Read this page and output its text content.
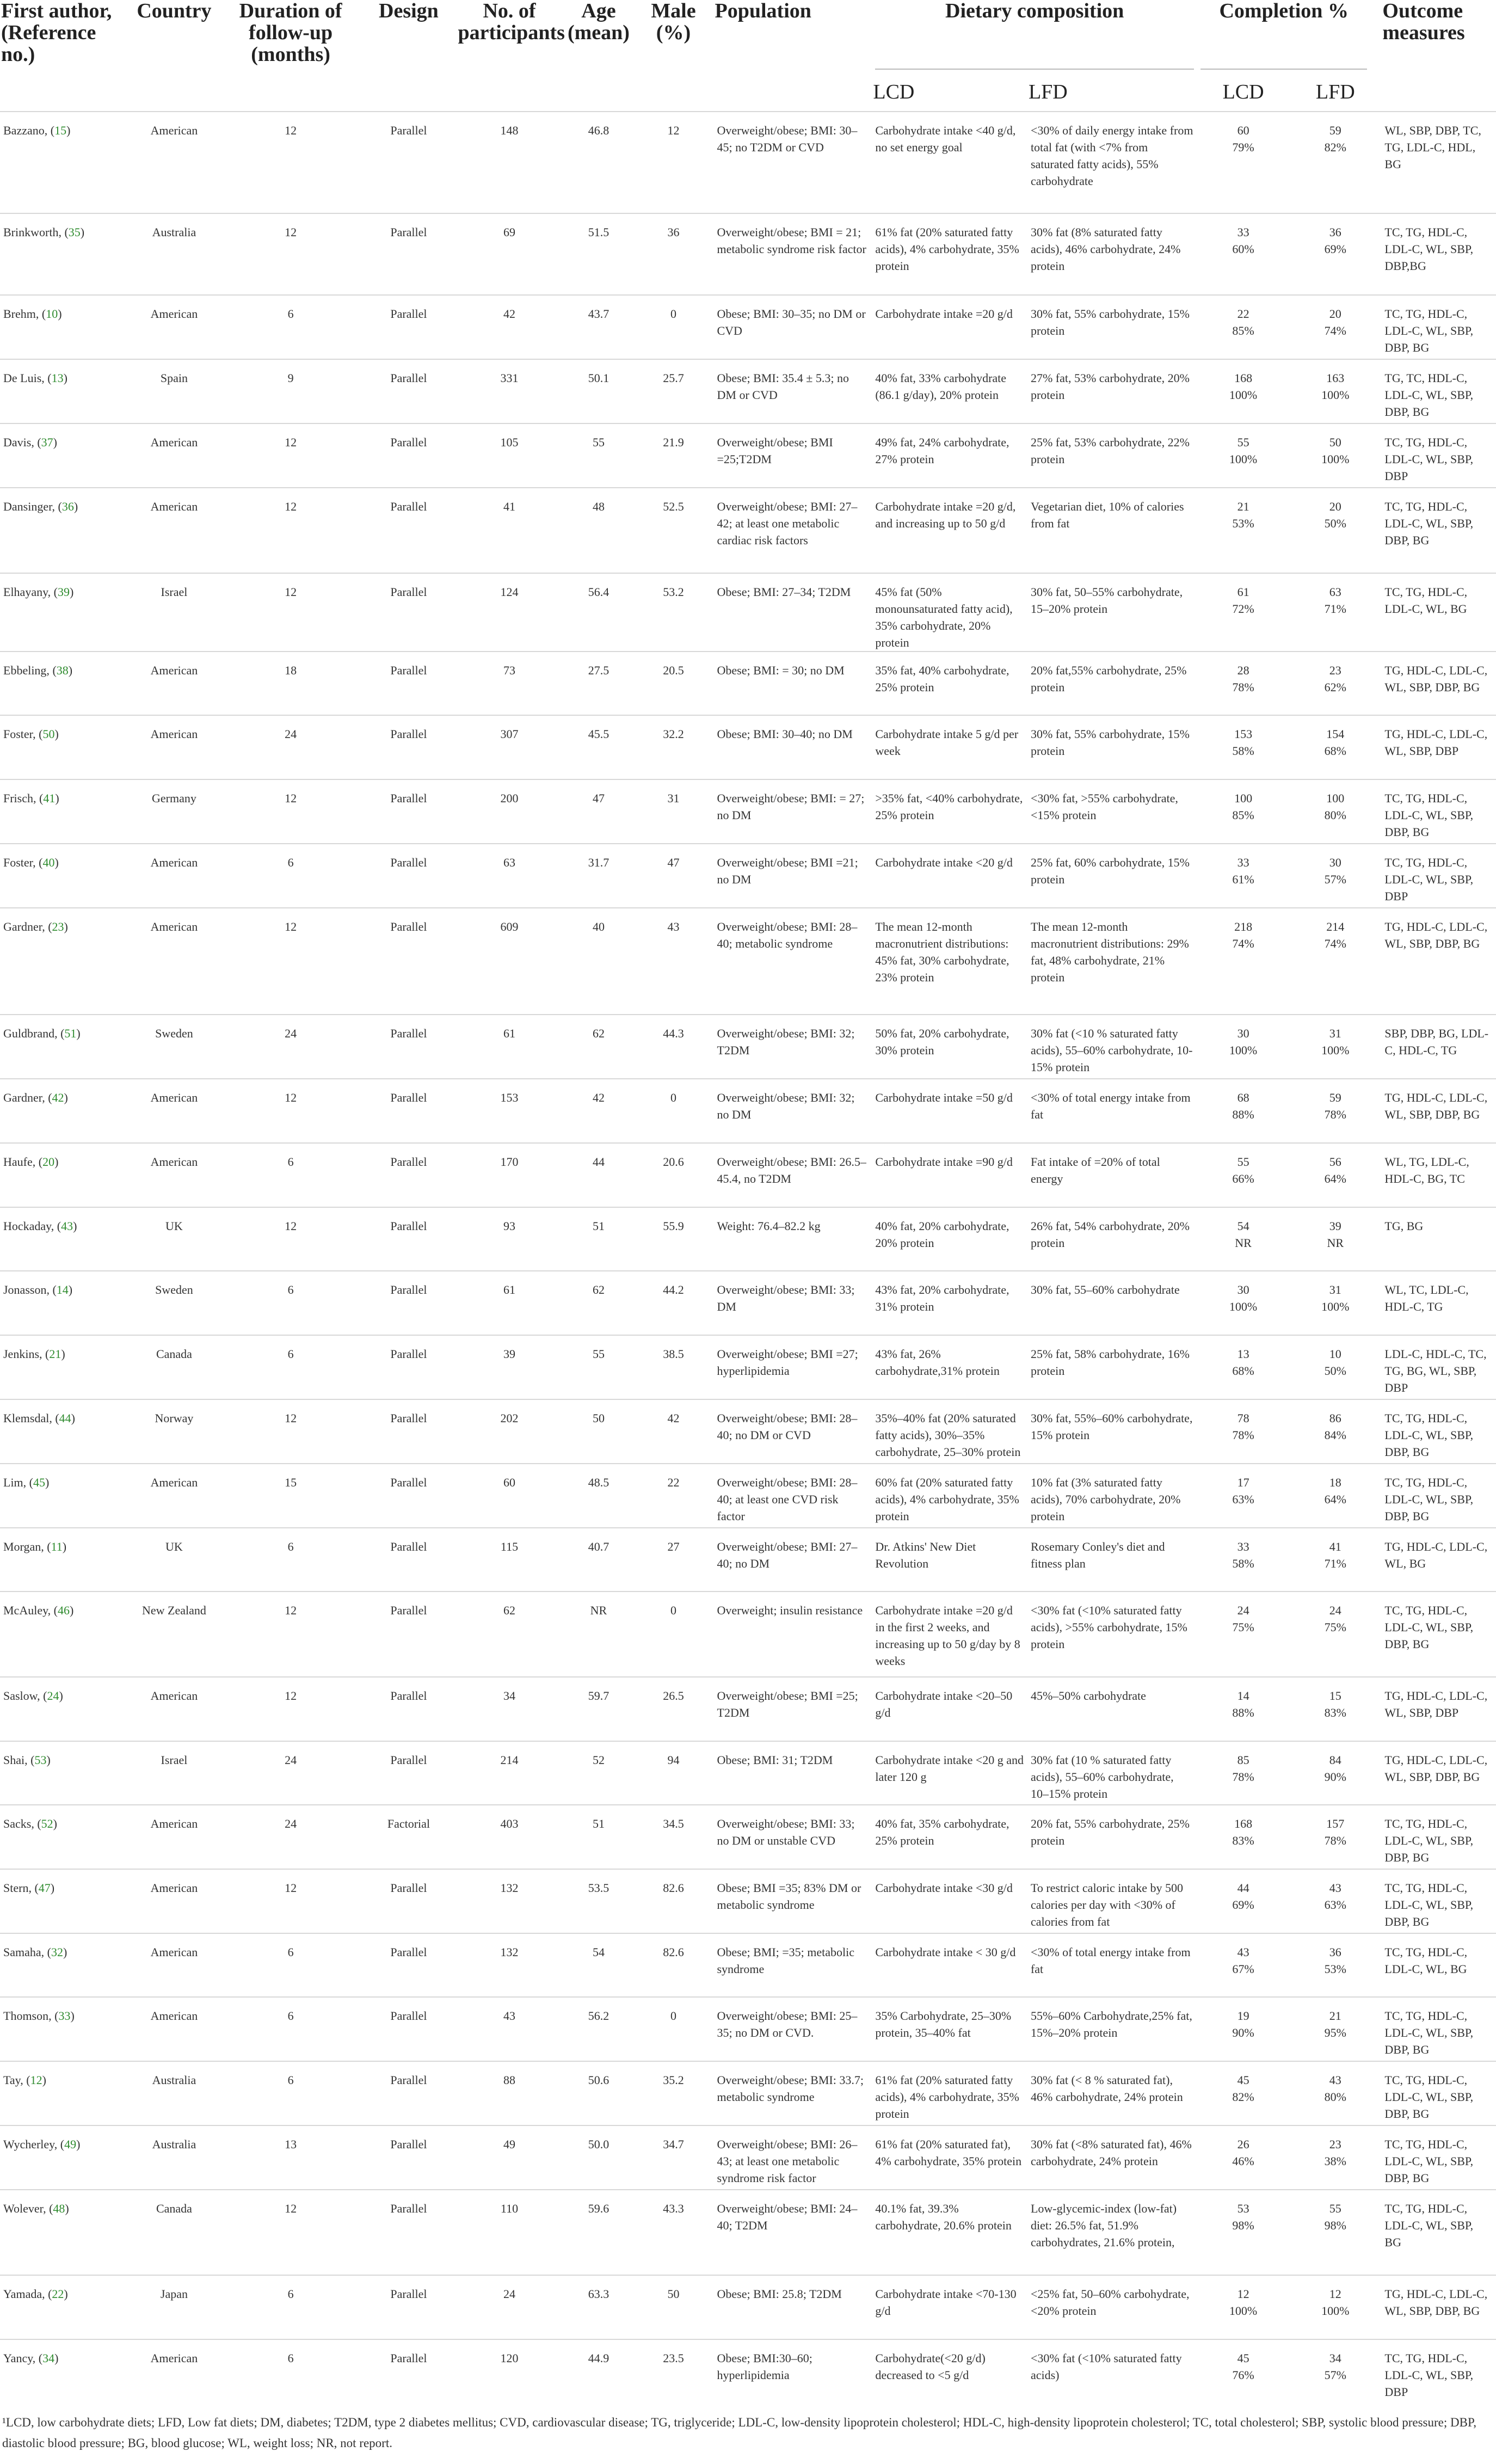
First author, (Reference no.)	Country	Duration of follow-up (months)	Design	No. of participants	Age (mean)	Male (%)	Population	Dietary composition		Completion %		Outcome measures
								LCD	LFD	LCD	LFD	
Bazzano, (15)	American	12	Parallel	148	46.8	12	Overweight/obese; BMI: 30–45; no T2DM or CVD	Carbohydrate intake <40 g/d, no set energy goal	<30% of daily energy intake from total fat (with <7% from saturated fatty acids), 55% carbohydrate	60 79%	59 82%	WL, SBP, DBP, TC, TG, LDL-C, HDL, BG
Brinkworth, (35)	Australia	12	Parallel	69	51.5	36	Overweight/obese; BMI = 21; metabolic syndrome risk factor	61% fat (20% saturated fatty acids), 4% carbohydrate, 35% protein	30% fat (8% saturated fatty acids), 46% carbohydrate, 24% protein	33 60%	36 69%	TC, TG, HDL-C, LDL-C, WL, SBP, DBP,BG
Brehm, (10)	American	6	Parallel	42	43.7	0	Obese; BMI: 30–35; no DM or CVD	Carbohydrate intake =20 g/d	30% fat, 55% carbohydrate, 15% protein	22 85%	20 74%	TC, TG, HDL-C, LDL-C, WL, SBP, DBP, BG
De Luis, (13)	Spain	9	Parallel	331	50.1	25.7	Obese; BMI: 35.4 ± 5.3; no DM or CVD	40% fat, 33% carbohydrate (86.1 g/day), 20% protein	27% fat, 53% carbohydrate, 20% protein	168 100%	163 100%	TG, TC, HDL-C, LDL-C, WL, SBP, DBP, BG
Davis, (37)	American	12	Parallel	105	55	21.9	Overweight/obese; BMI =25;T2DM	49% fat, 24% carbohydrate, 27% protein	25% fat, 53% carbohydrate, 22% protein	55 100%	50 100%	TC, TG, HDL-C, LDL-C, WL, SBP, DBP
Dansinger, (36)	American	12	Parallel	41	48	52.5	Overweight/obese; BMI: 27–42; at least one metabolic cardiac risk factors	Carbohydrate intake =20 g/d, and increasing up to 50 g/d	Vegetarian diet, 10% of calories from fat	21 53%	20 50%	TC, TG, HDL-C, LDL-C, WL, SBP, DBP, BG
Elhayany, (39)	Israel	12	Parallel	124	56.4	53.2	Obese; BMI: 27–34; T2DM	45% fat (50% monounsaturated fatty acid), 35% carbohydrate, 20% protein	30% fat, 50–55% carbohydrate, 15–20% protein	61 72%	63 71%	TC, TG, HDL-C, LDL-C, WL, BG
Ebbeling, (38)	American	18	Parallel	73	27.5	20.5	Obese; BMI: = 30; no DM	35% fat, 40% carbohydrate, 25% protein	20% fat,55% carbohydrate, 25% protein	28 78%	23 62%	TG, HDL-C, LDL-C, WL, SBP, DBP, BG
Foster, (50)	American	24	Parallel	307	45.5	32.2	Obese; BMI: 30–40; no DM	Carbohydrate intake 5 g/d per week	30% fat, 55% carbohydrate, 15% protein	153 58%	154 68%	TG, HDL-C, LDL-C, WL, SBP, DBP
Frisch, (41)	Germany	12	Parallel	200	47	31	Overweight/obese; BMI: = 27; no DM	>35% fat, <40% carbohydrate, 25% protein	<30% fat, >55% carbohydrate, <15% protein	100 85%	100 80%	TC, TG, HDL-C, LDL-C, WL, SBP, DBP, BG
Foster, (40)	American	6	Parallel	63	31.7	47	Overweight/obese; BMI =21; no DM	Carbohydrate intake <20 g/d	25% fat, 60% carbohydrate, 15% protein	33 61%	30 57%	TC, TG, HDL-C, LDL-C, WL, SBP, DBP
Gardner, (23)	American	12	Parallel	609	40	43	Overweight/obese; BMI: 28–40; metabolic syndrome	The mean 12-month macronutrient distributions: 45% fat, 30% carbohydrate, 23% protein	The mean 12-month macronutrient distributions: 29% fat, 48% carbohydrate, 21% protein	218 74%	214 74%	TG, HDL-C, LDL-C, WL, SBP, DBP, BG
Guldbrand, (51)	Sweden	24	Parallel	61	62	44.3	Overweight/obese; BMI: 32; T2DM	50% fat, 20% carbohydrate, 30% protein	30% fat (<10 % saturated fatty acids), 55–60% carbohydrate, 10-15% protein	30 100%	31 100%	SBP, DBP, BG, LDL-C, HDL-C, TG
Gardner, (42)	American	12	Parallel	153	42	0	Overweight/obese; BMI: 32; no DM	Carbohydrate intake =50 g/d	<30% of total energy intake from fat	68 88%	59 78%	TG, HDL-C, LDL-C, WL, SBP, DBP, BG
Haufe, (20)	American	6	Parallel	170	44	20.6	Overweight/obese; BMI: 26.5–45.4, no T2DM	Carbohydrate intake =90 g/d	Fat intake of =20% of total energy	55 66%	56 64%	WL, TG, LDL-C, HDL-C, BG, TC
Hockaday, (43)	UK	12	Parallel	93	51	55.9	Weight: 76.4–82.2 kg	40% fat, 20% carbohydrate, 20% protein	26% fat, 54% carbohydrate, 20% protein	54 NR	39 NR	TG, BG
Jonasson, (14)	Sweden	6	Parallel	61	62	44.2	Overweight/obese; BMI: 33; DM	43% fat, 20% carbohydrate, 31% protein	30% fat, 55–60% carbohydrate	30 100%	31 100%	WL, TC, LDL-C, HDL-C, TG
Jenkins, (21)	Canada	6	Parallel	39	55	38.5	Overweight/obese; BMI =27; hyperlipidemia	43% fat, 26% carbohydrate,31% protein	25% fat, 58% carbohydrate, 16% protein	13 68%	10 50%	LDL-C, HDL-C, TC, TG, BG, WL, SBP, DBP
Klemsdal, (44)	Norway	12	Parallel	202	50	42	Overweight/obese; BMI: 28–40; no DM or CVD	35%–40% fat (20% saturated fatty acids), 30%–35% carbohydrate, 25–30% protein	30% fat, 55%–60% carbohydrate, 15% protein	78 78%	86 84%	TC, TG, HDL-C, LDL-C, WL, SBP, DBP, BG
Lim, (45)	American	15	Parallel	60	48.5	22	Overweight/obese; BMI: 28–40; at least one CVD risk factor	60% fat (20% saturated fatty acids), 4% carbohydrate, 35% protein	10% fat (3% saturated fatty acids), 70% carbohydrate, 20% protein	17 63%	18 64%	TC, TG, HDL-C, LDL-C, WL, SBP, DBP, BG
Morgan, (11)	UK	6	Parallel	115	40.7	27	Overweight/obese; BMI: 27–40; no DM	Dr. Atkins' New Diet Revolution	Rosemary Conley's diet and fitness plan	33 58%	41 71%	TG, HDL-C, LDL-C, WL, BG
McAuley, (46)	New Zealand	12	Parallel	62	NR	0	Overweight; insulin resistance	Carbohydrate intake =20 g/d in the first 2 weeks, and increasing up to 50 g/day by 8 weeks	<30% fat (<10% saturated fatty acids), >55% carbohydrate, 15% protein	24 75%	24 75%	TC, TG, HDL-C, LDL-C, WL, SBP, DBP, BG
Saslow, (24)	American	12	Parallel	34	59.7	26.5	Overweight/obese; BMI =25; T2DM	Carbohydrate intake <20–50 g/d	45%–50% carbohydrate	14 88%	15 83%	TG, HDL-C, LDL-C, WL, SBP, DBP
Shai, (53)	Israel	24	Parallel	214	52	94	Obese; BMI: 31; T2DM	Carbohydrate intake <20 g and later 120 g	30% fat (10 % saturated fatty acids), 55–60% carbohydrate, 10–15% protein	85 78%	84 90%	TG, HDL-C, LDL-C, WL, SBP, DBP, BG
Sacks, (52)	American	24	Factorial	403	51	34.5	Overweight/obese; BMI: 33; no DM or unstable CVD	40% fat, 35% carbohydrate, 25% protein	20% fat, 55% carbohydrate, 25% protein	168 83%	157 78%	TC, TG, HDL-C, LDL-C, WL, SBP, DBP, BG
Stern, (47)	American	12	Parallel	132	53.5	82.6	Obese; BMI =35; 83% DM or metabolic syndrome	Carbohydrate intake <30 g/d	To restrict caloric intake by 500 calories per day with <30% of calories from fat	44 69%	43 63%	TC, TG, HDL-C, LDL-C, WL, SBP, DBP, BG
Samaha, (32)	American	6	Parallel	132	54	82.6	Obese; BMI; =35; metabolic syndrome	Carbohydrate intake < 30 g/d	<30% of total energy intake from fat	43 67%	36 53%	TC, TG, HDL-C, LDL-C, WL, BG
Thomson, (33)	American	6	Parallel	43	56.2	0	Overweight/obese; BMI: 25–35; no DM or CVD.	35% Carbohydrate, 25–30% protein, 35–40% fat	55%–60% Carbohydrate,25% fat, 15%–20% protein	19 90%	21 95%	TC, TG, HDL-C, LDL-C, WL, SBP, DBP, BG
Tay, (12)	Australia	6	Parallel	88	50.6	35.2	Overweight/obese; BMI: 33.7; metabolic syndrome	61% fat (20% saturated fatty acids), 4% carbohydrate, 35% protein	30% fat (< 8 % saturated fat), 46% carbohydrate, 24% protein	45 82%	43 80%	TC, TG, HDL-C, LDL-C, WL, SBP, DBP, BG
Wycherley, (49)	Australia	13	Parallel	49	50.0	34.7	Overweight/obese; BMI: 26–43; at least one metabolic syndrome risk factor	61% fat (20% saturated fat), 4% carbohydrate, 35% protein	30% fat (<8% saturated fat), 46% carbohydrate, 24% protein	26 46%	23 38%	TC, TG, HDL-C, LDL-C, WL, SBP, DBP, BG
Wolever, (48)	Canada	12	Parallel	110	59.6	43.3	Overweight/obese; BMI: 24–40; T2DM	40.1% fat, 39.3% carbohydrate, 20.6% protein	Low-glycemic-index (low-fat) diet: 26.5% fat, 51.9% carbohydrates, 21.6% protein,	53 98%	55 98%	TC, TG, HDL-C, LDL-C, WL, SBP, BG
Yamada, (22)	Japan	6	Parallel	24	63.3	50	Obese; BMI: 25.8; T2DM	Carbohydrate intake <70-130 g/d	<25% fat, 50–60% carbohydrate, <20% protein	12 100%	12 100%	TG, HDL-C, LDL-C, WL, SBP, DBP, BG
Yancy, (34)	American	6	Parallel	120	44.9	23.5	Obese; BMI:30–60; hyperlipidemia	Carbohydrate(<20 g/d) decreased to <5 g/d	<30% fat (<10% saturated fatty acids)	45 76%	34 57%	TC, TG, HDL-C, LDL-C, WL, SBP, DBP
¹LCD, low carbohydrate diets; LFD, Low fat diets; DM, diabetes; T2DM, type 2 diabetes mellitus; CVD, cardiovascular disease; TG, triglyceride; LDL-C, low-density lipoprotein cholesterol; HDL-C, high-density lipoprotein cholesterol; TC, total cholesterol; SBP, systolic blood pressure; DBP, diastolic blood pressure; BG, blood glucose; WL, weight loss; NR, not report.
